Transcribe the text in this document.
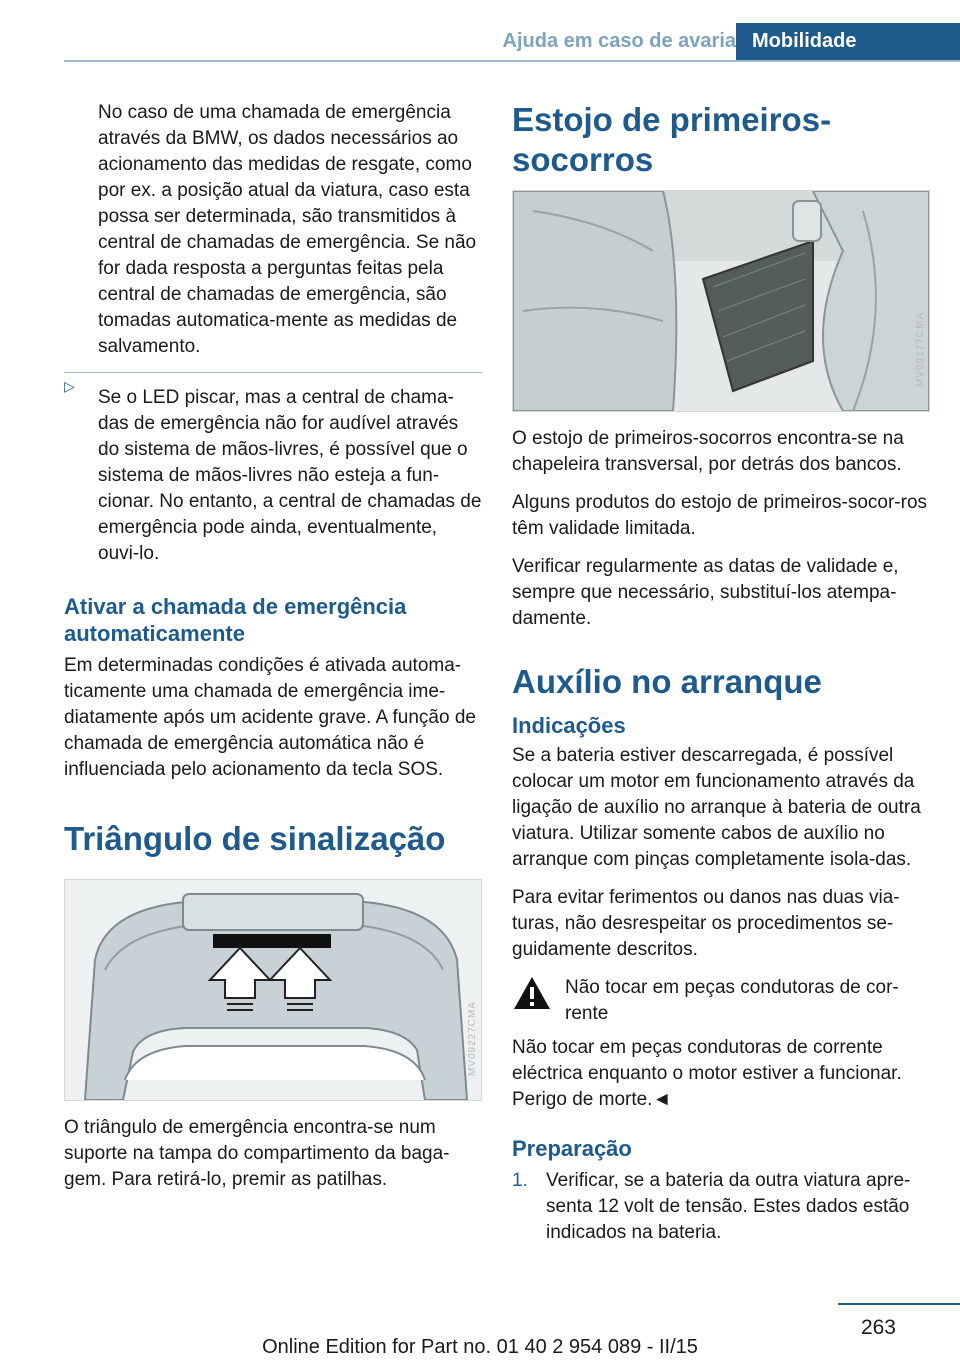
Ajuda em caso de avaria Mobilidade

No caso de uma chamada de emergência através da BMW, os dados necessários ao acionamento das medidas de resgate, como por ex. a posição atual da viatura, caso esta possa ser determinada, são transmitidos à central de chamadas de emergência. Se não for dada resposta a perguntas feitas pela central de chamadas de emergência, são tomadas automatica-mente as medidas de salvamento.

▷
Se o LED piscar, mas a central de chama-das de emergência não for audível através do sistema de mãos-livres, é possível que o sistema de mãos-livres não esteja a fun-cionar. No entanto, a central de chamadas de emergência pode ainda, eventualmente, ouvi-lo.
Ativar a chamada de emergência automaticamente

Em determinadas condições é ativada automa-ticamente uma chamada de emergência ime-diatamente após um acidente grave. A função de chamada de emergência automática não é influenciada pelo acionamento da tecla SOS.

Triângulo de sinalização
MV09227CMA

O triângulo de emergência encontra-se num suporte na tampa do compartimento da baga-gem. Para retirá-lo, premir as patilhas.

Estojo de primeiros-socorros
MV09177CMA

O estojo de primeiros-socorros encontra-se na chapeleira transversal, por detrás dos bancos.

Alguns produtos do estojo de primeiros-socor-ros têm validade limitada.

Verificar regularmente as datas de validade e, sempre que necessário, substituí-los atempa-damente.

Auxílio no arranque
Indicações

Se a bateria estiver descarregada, é possível colocar um motor em funcionamento através da ligação de auxílio no arranque à bateria de outra viatura. Utilizar somente cabos de auxílio no arranque com pinças completamente isola-das.

Para evitar ferimentos ou danos nas duas via-turas, não desrespeitar os procedimentos se-guidamente descritos.

Não tocar em peças condutoras de cor-rente

Não tocar em peças condutoras de corrente eléctrica enquanto o motor estiver a funcionar. Perigo de morte.◄

Preparação
1. Verificar, se a bateria da outra viatura apre-senta 12 volt de tensão. Estes dados estão indicados na bateria.
263
Online Edition for Part no. 01 40 2 954 089 - II/15
